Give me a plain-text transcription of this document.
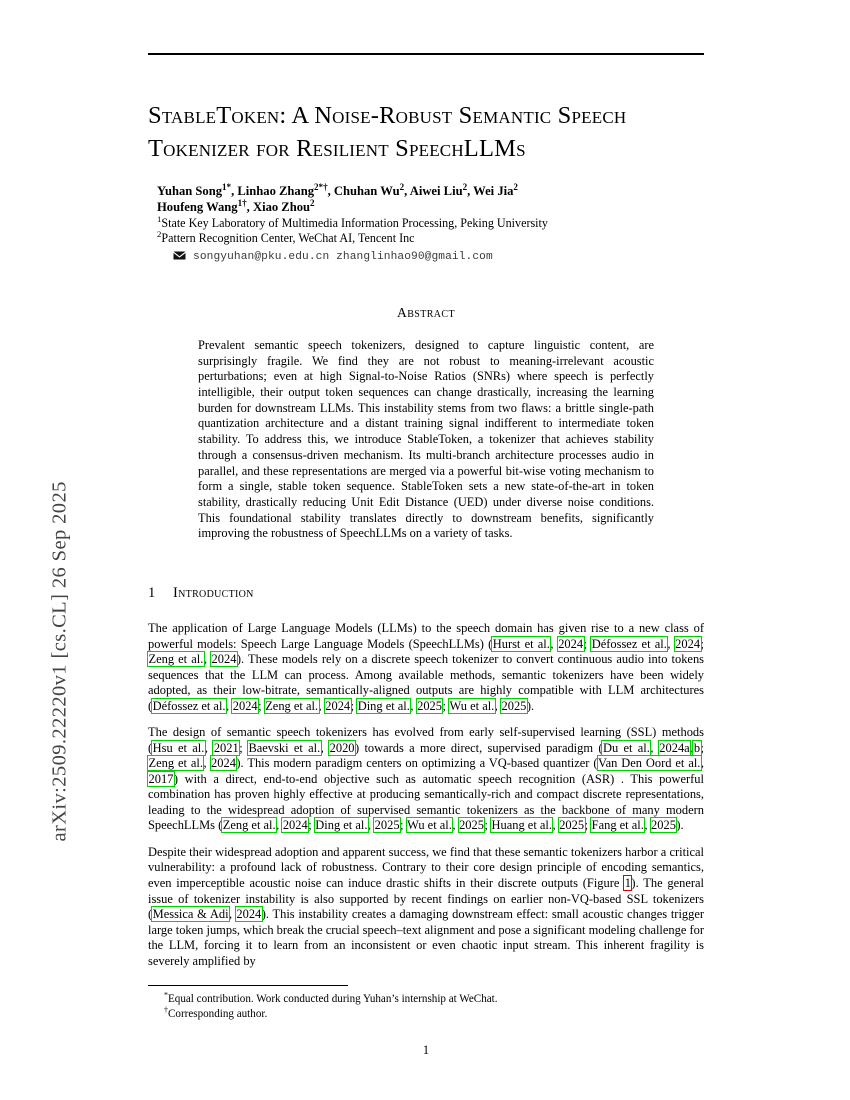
arXiv:2509.22220v1 [cs.CL] 26 Sep 2025
StableToken: A Noise-Robust Semantic Speech
Tokenizer for Resilient SpeechLLMs
Yuhan Song$^{1*}$, Linhao Zhang$^{2*\dagger}$, Chuhan Wu$^2$, Aiwei Liu$^2$, Wei Jia$^2$
Houfeng Wang$^{1\dagger}$, Xiao Zhou$^2$
$^1$State Key Laboratory of Multimedia Information Processing, Peking University
$^2$Pattern Recognition Center, WeChat AI, Tencent Inc
songyuhan@pku.edu.cn zhanglinhao90@gmail.com
Abstract

Prevalent semantic speech tokenizers, designed to capture linguistic content, are surprisingly fragile. We find they are not robust to meaning-irrelevant acoustic perturbations; even at high Signal-to-Noise Ratios (SNRs) where speech is perfectly intelligible, their output token sequences can change drastically, increasing the learning burden for downstream LLMs. This instability stems from two flaws: a brittle single-path quantization architecture and a distant training signal indifferent to intermediate token stability. To address this, we introduce StableToken, a tokenizer that achieves stability through a consensus-driven mechanism. Its multi-branch architecture processes audio in parallel, and these representations are merged via a powerful bit-wise voting mechanism to form a single, stable token sequence. StableToken sets a new state-of-the-art in token stability, drastically reducing Unit Edit Distance (UED) under diverse noise conditions. This foundational stability translates directly to downstream benefits, significantly improving the robustness of SpeechLLMs on a variety of tasks.

1 Introduction

The application of Large Language Models (LLMs) to the speech domain has given rise to a new class of powerful models: Speech Large Language Models (SpeechLLMs) (Hurst et al., 2024; Défossez et al., 2024; Zeng et al., 2024). These models rely on a discrete speech tokenizer to convert continuous audio into tokens sequences that the LLM can process. Among available methods, semantic tokenizers have been widely adopted, as their low-bitrate, semantically-aligned outputs are highly compatible with LLM architectures (Défossez et al., 2024; Zeng et al., 2024; Ding et al., 2025; Wu et al., 2025).

The design of semantic speech tokenizers has evolved from early self-supervised learning (SSL) methods (Hsu et al., 2021; Baevski et al., 2020) towards a more direct, supervised paradigm (Du et al., 2024a,b; Zeng et al., 2024). This modern paradigm centers on optimizing a VQ-based quantizer (Van Den Oord et al., 2017) with a direct, end-to-end objective such as automatic speech recognition (ASR) . This powerful combination has proven highly effective at producing semantically-rich and compact discrete representations, leading to the widespread adoption of supervised semantic tokenizers as the backbone of many modern SpeechLLMs (Zeng et al., 2024; Ding et al., 2025; Wu et al., 2025; Huang et al., 2025; Fang et al., 2025).

Despite their widespread adoption and apparent success, we find that these semantic tokenizers harbor a critical vulnerability: a profound lack of robustness. Contrary to their core design principle of encoding semantics, even imperceptible acoustic noise can induce drastic shifts in their discrete outputs (Figure 1). The general issue of tokenizer instability is also supported by recent findings on earlier non-VQ-based SSL tokenizers (Messica & Adi, 2024). This instability creates a damaging downstream effect: small acoustic changes trigger large token jumps, which break the crucial speech–text alignment and pose a significant modeling challenge for the LLM, forcing it to learn from an inconsistent or even chaotic input stream. This inherent fragility is severely amplified by

*Equal contribution. Work conducted during Yuhan’s internship at WeChat.
†Corresponding author.
1
